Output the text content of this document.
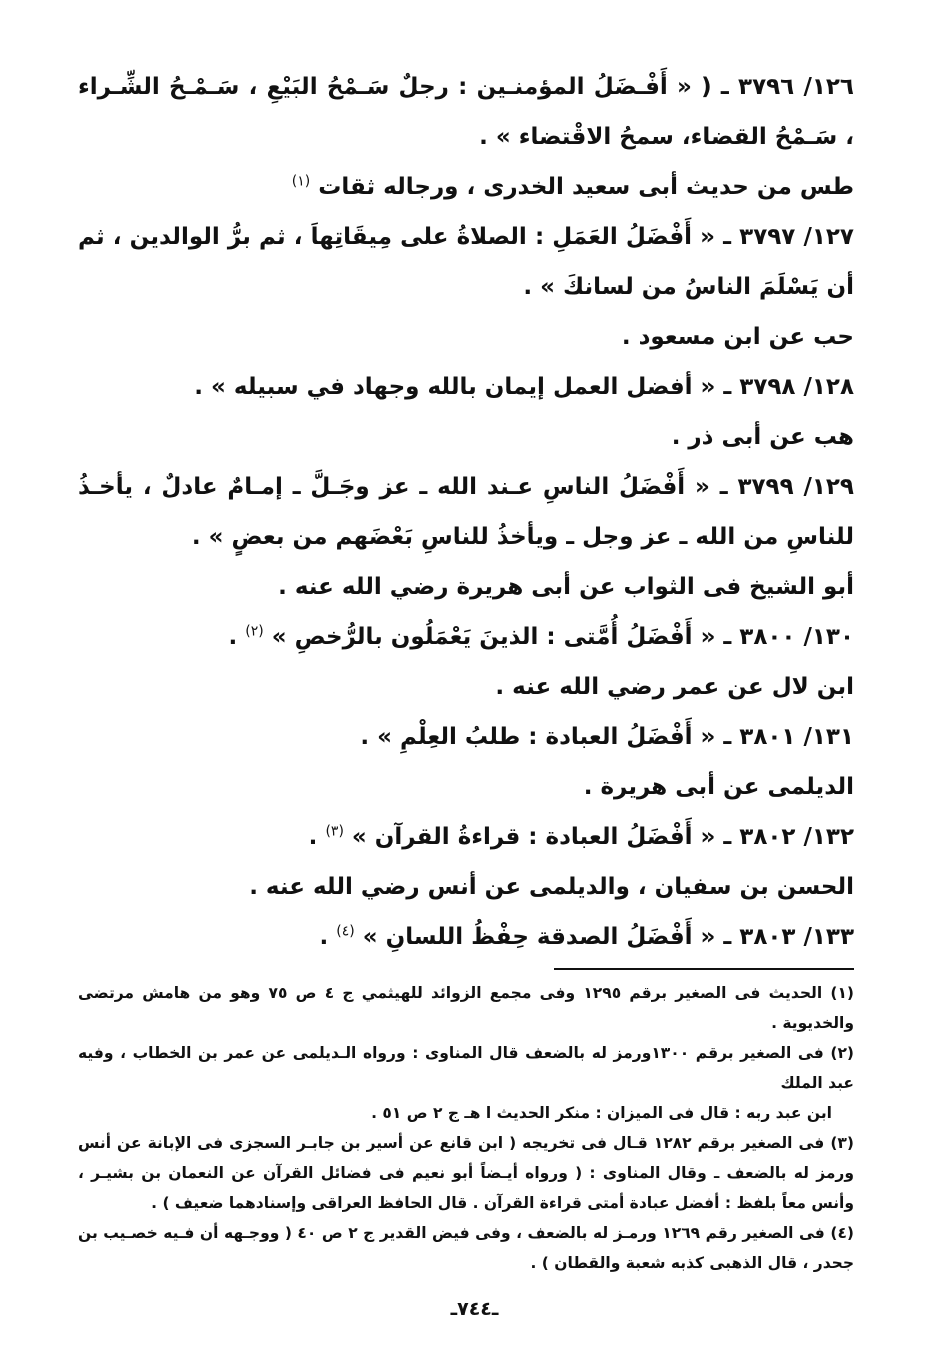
١٢٦/ ٣٧٩٦ ـ ( « أَفْـضَلُ المؤمنـين : رجلٌ سَـمْحُ البَيْعِ ، سَـمْـحُ الشِّـراء ، سَـمْحُ القضاء، سمحُ الاقْتضاء » .

طس من حديث أبى سعيد الخدرى ، ورجاله ثقات $^{(١)}$

١٢٧/ ٣٧٩٧ ـ « أَفْضَلُ العَمَلِ : الصلاةُ على مِيقَاتِهاَ ، ثم برُّ الوالدين ، ثم أن يَسْلَمَ الناسُ من لسانكَ » .

حب عن ابن مسعود .

١٢٨/ ٣٧٩٨ ـ « أفضل العمل إيمان بالله وجهاد في سبيله » .

هب عن أبى ذر .

١٢٩/ ٣٧٩٩ ـ « أَفْضَلُ الناسِ عـند الله ـ عز وجَـلَّ ـ إمـامٌ عادلٌ ، يأخـذُ للناسِ من الله ـ عز وجل ـ ويأخذُ للناسِ بَعْضَهم من بعضٍ » .

أبو الشيخ فى الثواب عن أبى هريرة رضي الله عنه .

١٣٠/ ٣٨٠٠ ـ « أَفْضَلُ أُمَّتى : الذينَ يَعْمَلُون بالرُّخصِ » $^{(٢)}$ .

ابن لال عن عمر رضي الله عنه .

١٣١/ ٣٨٠١ ـ « أَفْضَلُ العبادة : طلبُ العِلْمِ » .

الديلمى عن أبى هريرة .

١٣٢/ ٣٨٠٢ ـ « أَفْضَلُ العبادة : قراءةُ القرآن » $^{(٣)}$ .

الحسن بن سفيان ، والديلمى عن أنس رضي الله عنه .

١٣٣/ ٣٨٠٣ ـ « أَفْضَلُ الصدقة حِفْظُ اللسانِ » $^{(٤)}$ .

(١) الحديث فى الصغير برقم ١٢٩٥ وفى مجمع الزوائد للهيثمي ج ٤ ص ٧٥ وهو من هامش مرتضى والخديوية .

(٢) فى الصغير برقم ١٣٠٠ورمز له بالضعف قال المناوى : ورواه الـديلمى عن عمر بن الخطاب ، وفيه عبد الملك
ابن عبد ربه : قال فى الميزان : منكر الحديث ا هـ ج ٢ ص ٥١ .

(٣) فى الصغير برقم ١٢٨٢ قـال فى تخريجه ( ابن قانع عن أسير بن جابـر السجزى فى الإبانة عن أنس ورمز له بالضعف ـ وقال المناوى : ( ورواه أيـضاً أبو نعيم فى فضائل القرآن عن النعمان بن بشيـر ، وأنس معاً بلفظ : أفضل عبادة أمتى قراءة القرآن . قال الحافظ العراقى وإسنادهما ضعيف ) .

(٤) فى الصغير رقم ١٢٦٩ ورمـز له بالضعف ، وفى فيض القدير ج ٢ ص ٤٠ ( ووجـهه أن فـيه خصـيب بن جحدر ، قال الذهبى كذبه شعبة والقطان ) .

ـ٧٤٤ـ
